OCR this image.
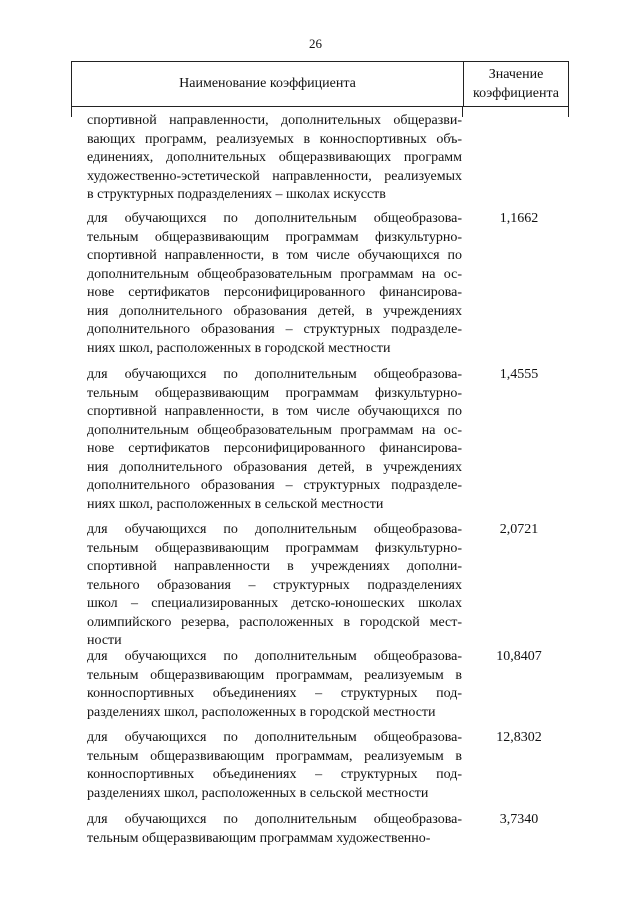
26
Наименование коэффициента
Значение
коэффициента
спортивной направленности, дополнительных общеразви-
вающих программ, реализуемых в конноспортивных объ-
единениях, дополнительных общеразвивающих программ
художественно-эстетической направленности, реализуемых
в структурных подразделениях – школах искусств
для обучающихся по дополнительным общеобразова-
тельным общеразвивающим программам физкультурно-
спортивной направленности, в том числе обучающихся по
дополнительным общеобразовательным программам на ос-
нове сертификатов персонифицированного финансирова-
ния дополнительного образования детей, в учреждениях
дополнительного образования – структурных подразделе-
ниях школ, расположенных в городской местности
1,1662
для обучающихся по дополнительным общеобразова-
тельным общеразвивающим программам физкультурно-
спортивной направленности, в том числе обучающихся по
дополнительным общеобразовательным программам на ос-
нове сертификатов персонифицированного финансирова-
ния дополнительного образования детей, в учреждениях
дополнительного образования – структурных подразделе-
ниях школ, расположенных в сельской местности
1,4555
для обучающихся по дополнительным общеобразова-
тельным общеразвивающим программам физкультурно-
спортивной направленности в учреждениях дополни-
тельного образования – структурных подразделениях
школ – специализированных детско-юношеских школах
олимпийского резерва, расположенных в городской мест-
ности
2,0721
для обучающихся по дополнительным общеобразова-
тельным общеразвивающим программам, реализуемым в
конноспортивных объединениях – структурных под-
разделениях школ, расположенных в городской местности
10,8407
для обучающихся по дополнительным общеобразова-
тельным общеразвивающим программам, реализуемым в
конноспортивных объединениях – структурных под-
разделениях школ, расположенных в сельской местности
12,8302
для обучающихся по дополнительным общеобразова-
тельным общеразвивающим программам художественно-
3,7340
